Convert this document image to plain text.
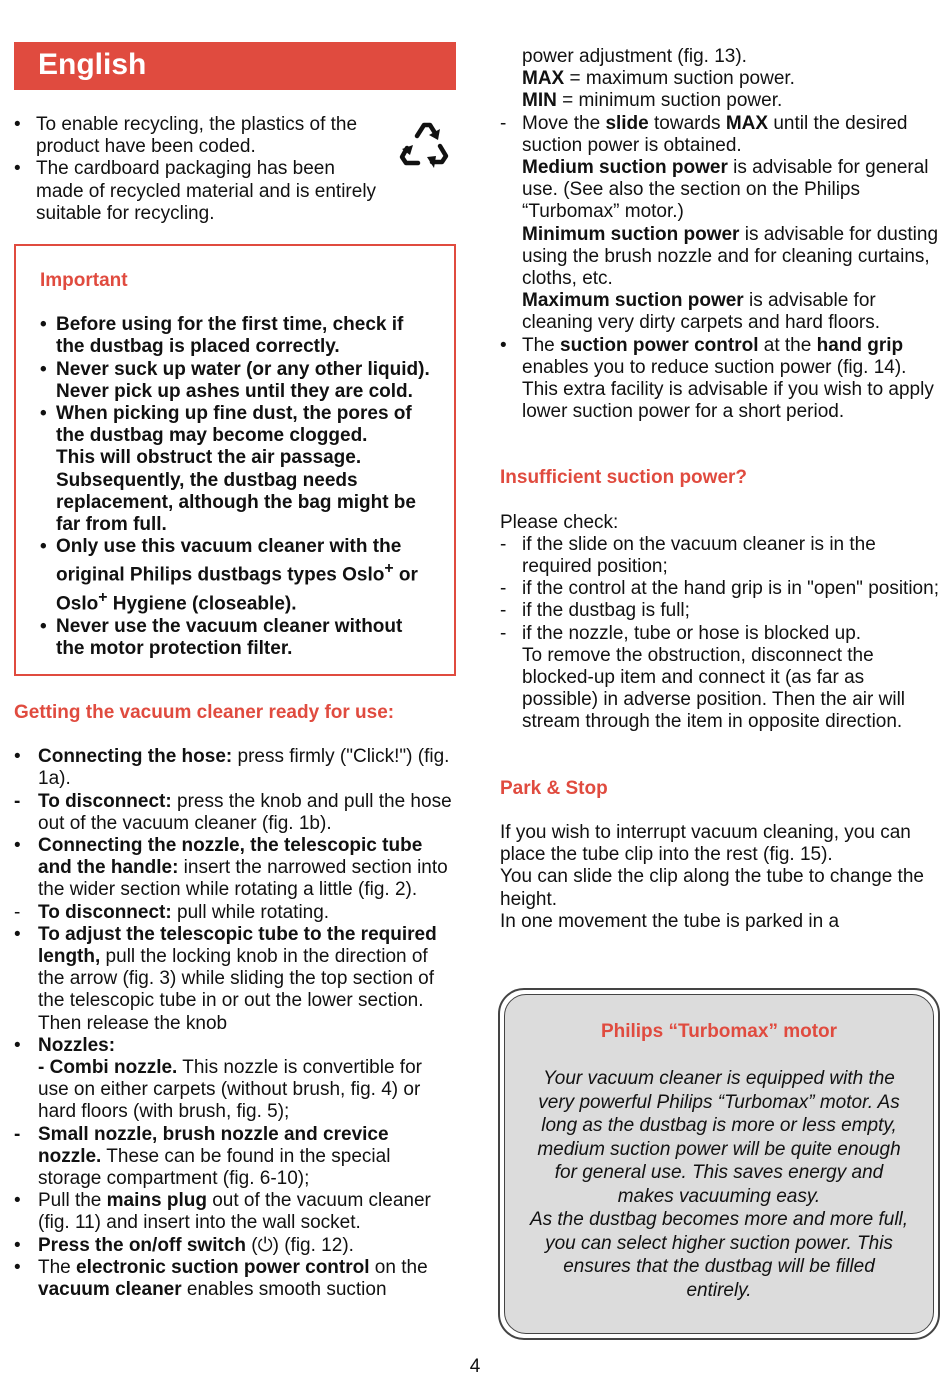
English
• To enable recycling, the plastics of the product have been coded.
• The cardboard packaging has been made of recycled material and is entirely suitable for recycling.
Important
• Before using for the first time, check if the dustbag is placed correctly.
• Never suck up water (or any other liquid). Never pick up ashes until they are cold.
• When picking up fine dust, the pores of the dustbag may become clogged.
This will obstruct the air passage. Subsequently, the dustbag needs replacement, although the bag might be far from full.
• Only use this vacuum cleaner with the original Philips dustbags types Oslo+ or Oslo+ Hygiene (closeable).
• Never use the vacuum cleaner without the motor protection filter.
Getting the vacuum cleaner ready for use:
• Connecting the hose: press firmly ("Click!") (fig. 1a).
- To disconnect: press the knob and pull the hose out of the vacuum cleaner (fig. 1b).
• Connecting the nozzle, the telescopic tube and the handle: insert the narrowed section into the wider section while rotating a little (fig. 2).
- To disconnect: pull while rotating.
• To adjust the telescopic tube to the required length, pull the locking knob in the direction of the arrow (fig. 3) while sliding the top section of the telescopic tube in or out the lower section. Then release the knob
• Nozzles:
- Combi nozzle. This nozzle is convertible for use on either carpets (without brush, fig. 4) or hard floors (with brush, fig. 5);
- Small nozzle, brush nozzle and crevice nozzle. These can be found in the special storage compartment (fig. 6-10);
• Pull the mains plug out of the vacuum cleaner (fig. 11) and insert into the wall socket.
• Press the on/off switch (⏻) (fig. 12).
• The electronic suction power control on the vacuum cleaner enables smooth suction
power adjustment (fig. 13).
MAX = maximum suction power.
MIN = minimum suction power.
- Move the slide towards MAX until the desired suction power is obtained.
Medium suction power is advisable for general use. (See also the section on the Philips “Turbomax” motor.)
Minimum suction power is advisable for dusting using the brush nozzle and for cleaning curtains, cloths, etc.
Maximum suction power is advisable for cleaning very dirty carpets and hard floors.
• The suction power control at the hand grip enables you to reduce suction power (fig. 14). This extra facility is advisable if you wish to apply lower suction power for a short period.
Insufficient suction power?
Please check:
- if the slide on the vacuum cleaner is in the required position;
- if the control at the hand grip is in "open" position;
- if the dustbag is full;
- if the nozzle, tube or hose is blocked up.
To remove the obstruction, disconnect the blocked-up item and connect it (as far as possible) in adverse position. Then the air will stream through the item in opposite direction.
Park & Stop
If you wish to interrupt vacuum cleaning, you can place the tube clip into the rest (fig. 15).
You can slide the clip along the tube to change the height.
In one movement the tube is parked in a
Philips “Turbomax” motor
Your vacuum cleaner is equipped with the very powerful Philips “Turbomax” motor. As long as the dustbag is more or less empty, medium suction power will be quite enough for general use. This saves energy and makes vacuuming easy.
As the dustbag becomes more and more full, you can select higher suction power. This ensures that the dustbag will be filled entirely.
4
